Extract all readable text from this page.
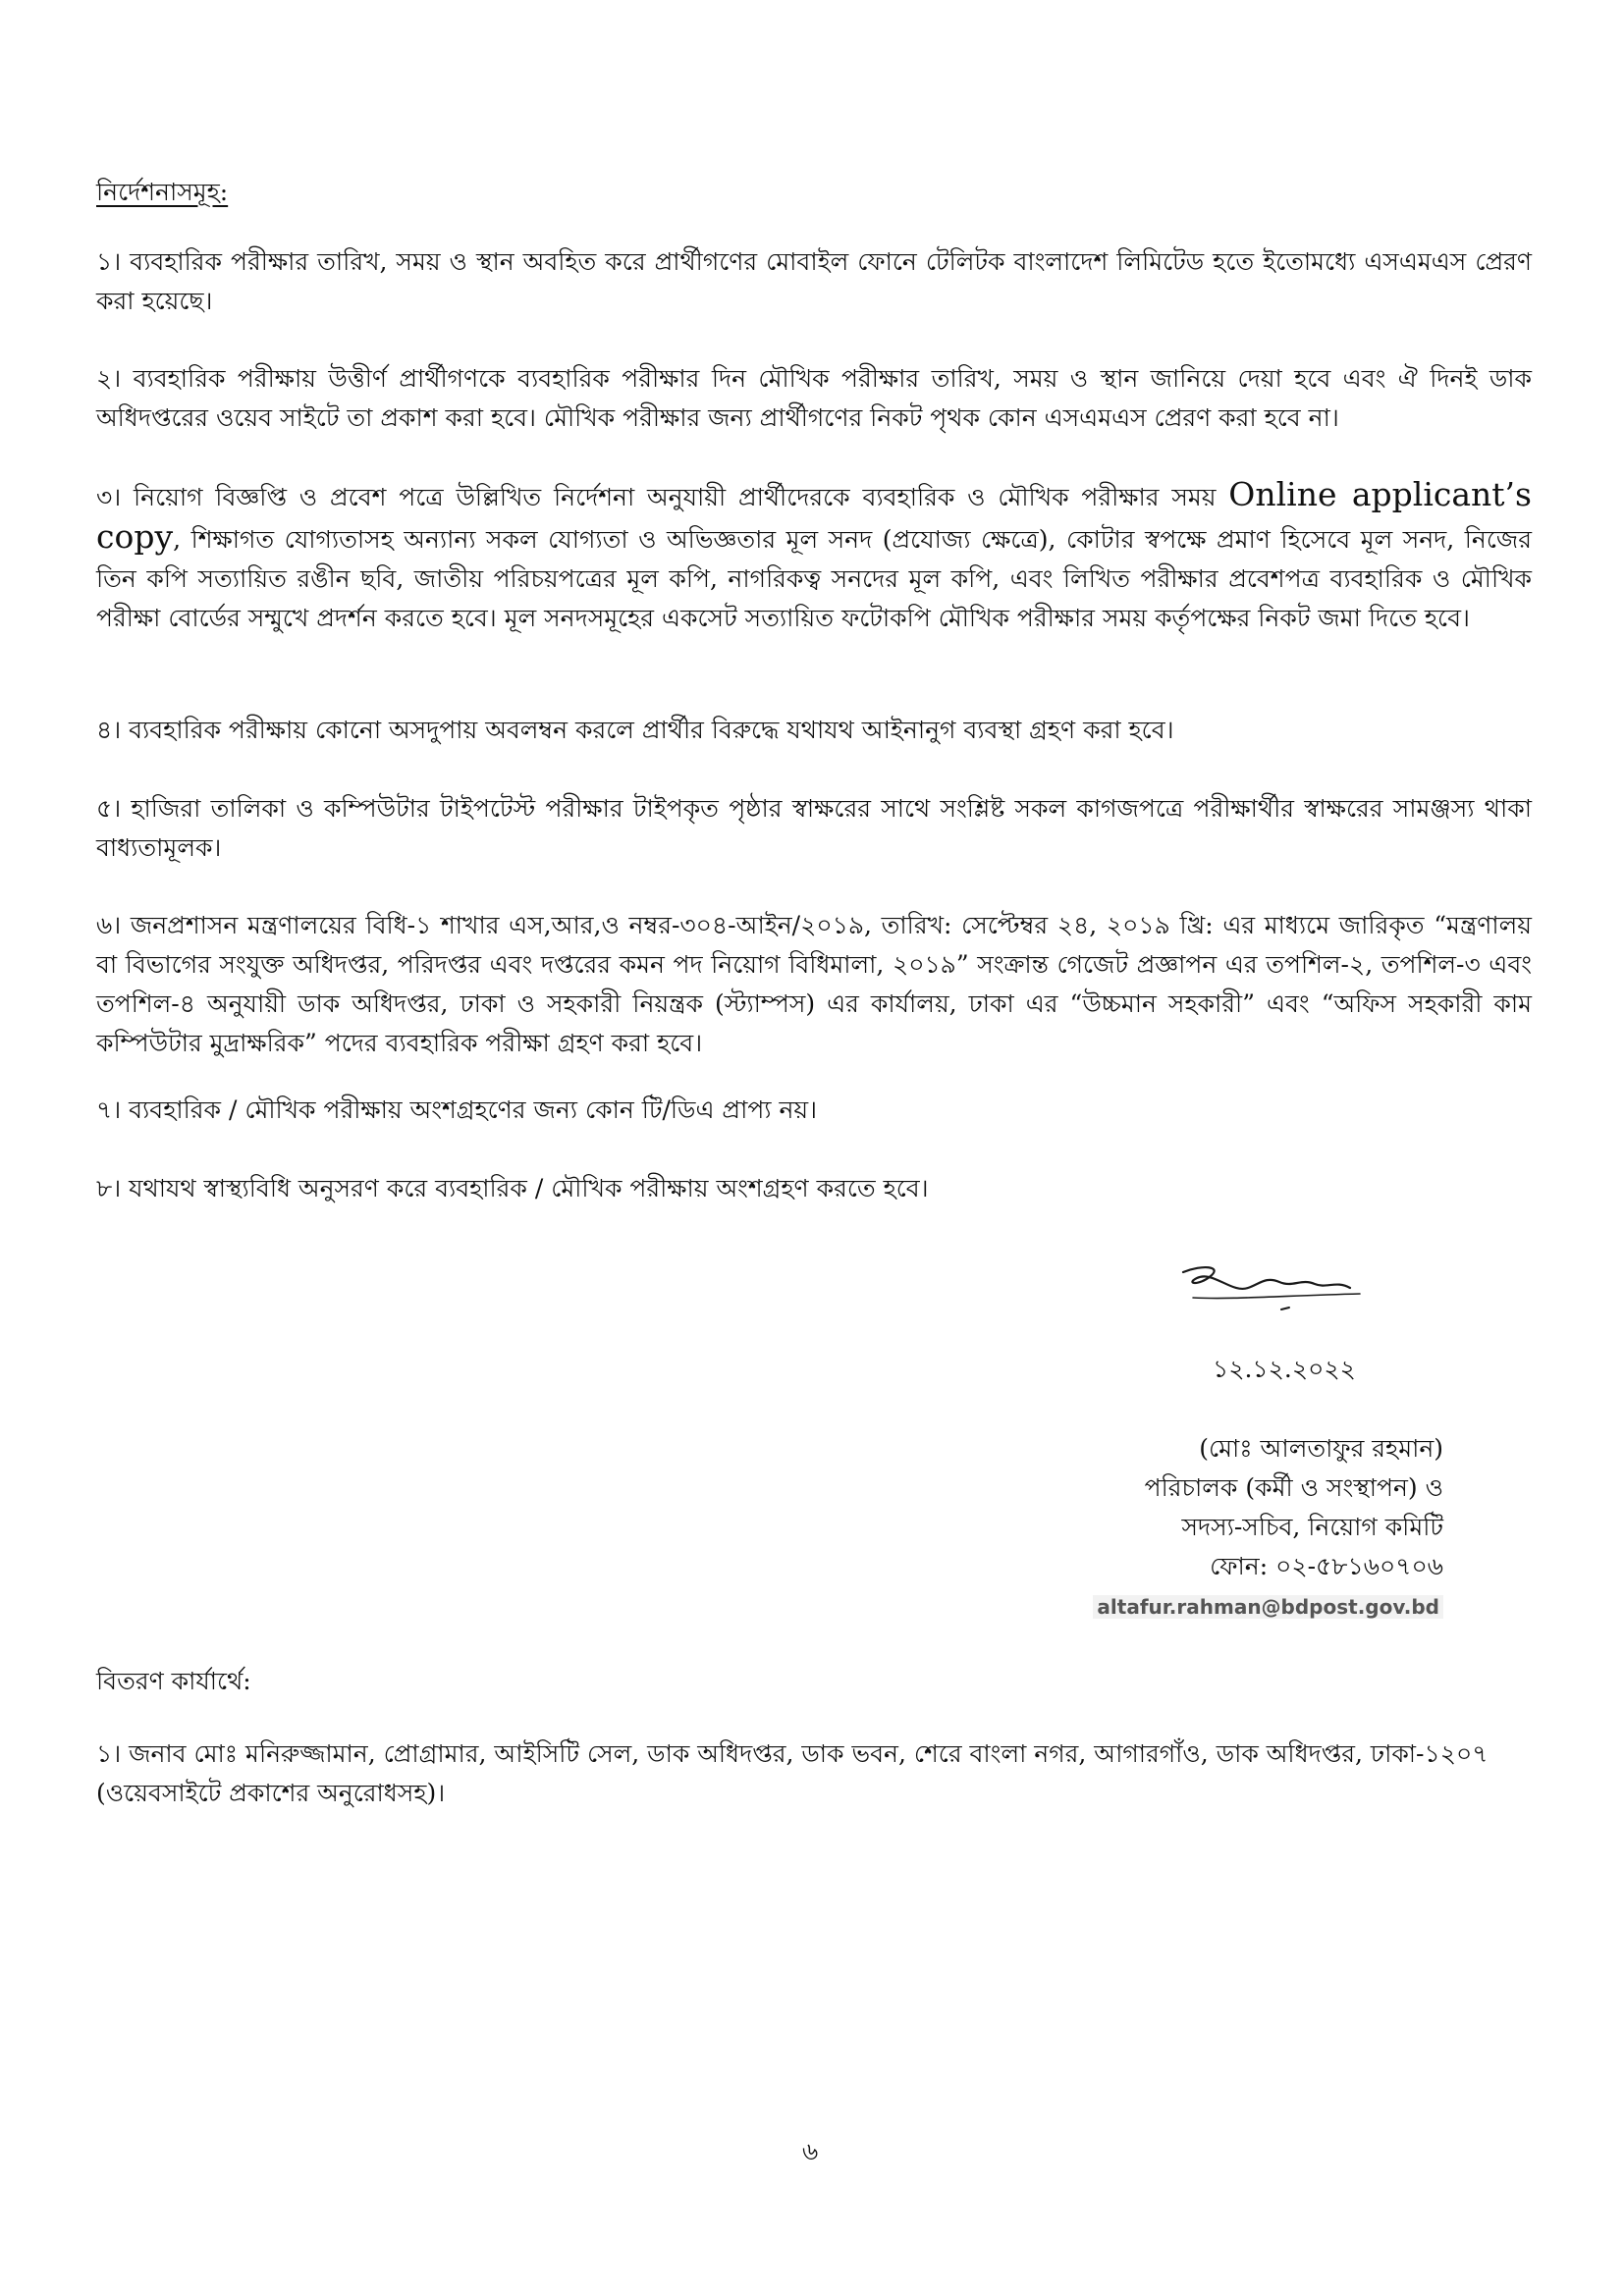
নির্দেশনাসমূহ:

১। ব্যবহারিক পরীক্ষার তারিখ, সময় ও স্থান অবহিত করে প্রার্থীগণের মোবাইল ফোনে টেলিটক বাংলাদেশ লিমিটেড হতে ইতোমধ্যে এসএমএস প্রেরণ করা হয়েছে।

২। ব্যবহারিক পরীক্ষায় উত্তীর্ণ প্রার্থীগণকে ব্যবহারিক পরীক্ষার দিন মৌখিক পরীক্ষার তারিখ, সময় ও স্থান জানিয়ে দেয়া হবে এবং ঐ দিনই ডাক অধিদপ্তরের ওয়েব সাইটে তা প্রকাশ করা হবে। মৌখিক পরীক্ষার জন্য প্রার্থীগণের নিকট পৃথক কোন এসএমএস প্রেরণ করা হবে না।

৩। নিয়োগ বিজ্ঞপ্তি ও প্রবেশ পত্রে উল্লিখিত নির্দেশনা অনুযায়ী প্রার্থীদেরকে ব্যবহারিক ও মৌখিক পরীক্ষার সময় Online applicant’s copy, শিক্ষাগত যোগ্যতাসহ অন্যান্য সকল যোগ্যতা ও অভিজ্ঞতার মূল সনদ (প্রযোজ্য ক্ষেত্রে), কোটার স্বপক্ষে প্রমাণ হিসেবে মূল সনদ, নিজের তিন কপি সত্যায়িত রঙীন ছবি, জাতীয় পরিচয়পত্রের মূল কপি, নাগরিকত্ব সনদের মূল কপি, এবং লিখিত পরীক্ষার প্রবেশপত্র ব্যবহারিক ও মৌখিক পরীক্ষা বোর্ডের সম্মুখে প্রদর্শন করতে হবে। মূল সনদসমূহের একসেট সত্যায়িত ফটোকপি মৌখিক পরীক্ষার সময় কর্তৃপক্ষের নিকট জমা দিতে হবে।

৪। ব্যবহারিক পরীক্ষায় কোনো অসদুপায় অবলম্বন করলে প্রার্থীর বিরুদ্ধে যথাযথ আইনানুগ ব্যবস্থা গ্রহণ করা হবে।

৫। হাজিরা তালিকা ও কম্পিউটার টাইপটেস্ট পরীক্ষার টাইপকৃত পৃষ্ঠার স্বাক্ষরের সাথে সংশ্লিষ্ট সকল কাগজপত্রে পরীক্ষার্থীর স্বাক্ষরের সামঞ্জস্য থাকা বাধ্যতামূলক।

৬। জনপ্রশাসন মন্ত্রণালয়ের বিধি-১ শাখার এস,আর,ও নম্বর-৩০৪-আইন/২০১৯, তারিখ: সেপ্টেম্বর ২৪, ২০১৯ খ্রি: এর মাধ্যমে জারিকৃত “মন্ত্রণালয় বা বিভাগের সংযুক্ত অধিদপ্তর, পরিদপ্তর এবং দপ্তরের কমন পদ নিয়োগ বিধিমালা, ২০১৯” সংক্রান্ত গেজেট প্রজ্ঞাপন এর তপশিল-২, তপশিল-৩ এবং তপশিল-৪ অনুযায়ী ডাক অধিদপ্তর, ঢাকা ও সহকারী নিয়ন্ত্রক (স্ট্যাম্পস) এর কার্যালয়, ঢাকা এর “উচ্চমান সহকারী” এবং “অফিস সহকারী কাম কম্পিউটার মুদ্রাক্ষরিক” পদের ব্যবহারিক পরীক্ষা গ্রহণ করা হবে।

৭। ব্যবহারিক / মৌখিক পরীক্ষায় অংশগ্রহণের জন্য কোন টি/ডিএ প্রাপ্য নয়।

৮। যথাযথ স্বাস্থ্যবিধি অনুসরণ করে ব্যবহারিক / মৌখিক পরীক্ষায় অংশগ্রহণ করতে হবে।

১২.১২.২০২২
(মোঃ আলতাফুর রহমান)
পরিচালক (কর্মী ও সংস্থাপন) ও
সদস্য-সচিব, নিয়োগ কমিটি
ফোন: ০২-৫৮১৬০৭০৬
altafur.rahman@bdpost.gov.bd
বিতরণ কার্যার্থে:

১। জনাব মোঃ মনিরুজ্জামান, প্রোগ্রামার, আইসিটি সেল, ডাক অধিদপ্তর, ডাক ভবন, শেরে বাংলা নগর, আগারগাঁও, ডাক অধিদপ্তর, ঢাকা-১২০৭ (ওয়েবসাইটে প্রকাশের অনুরোধসহ)।

৬
